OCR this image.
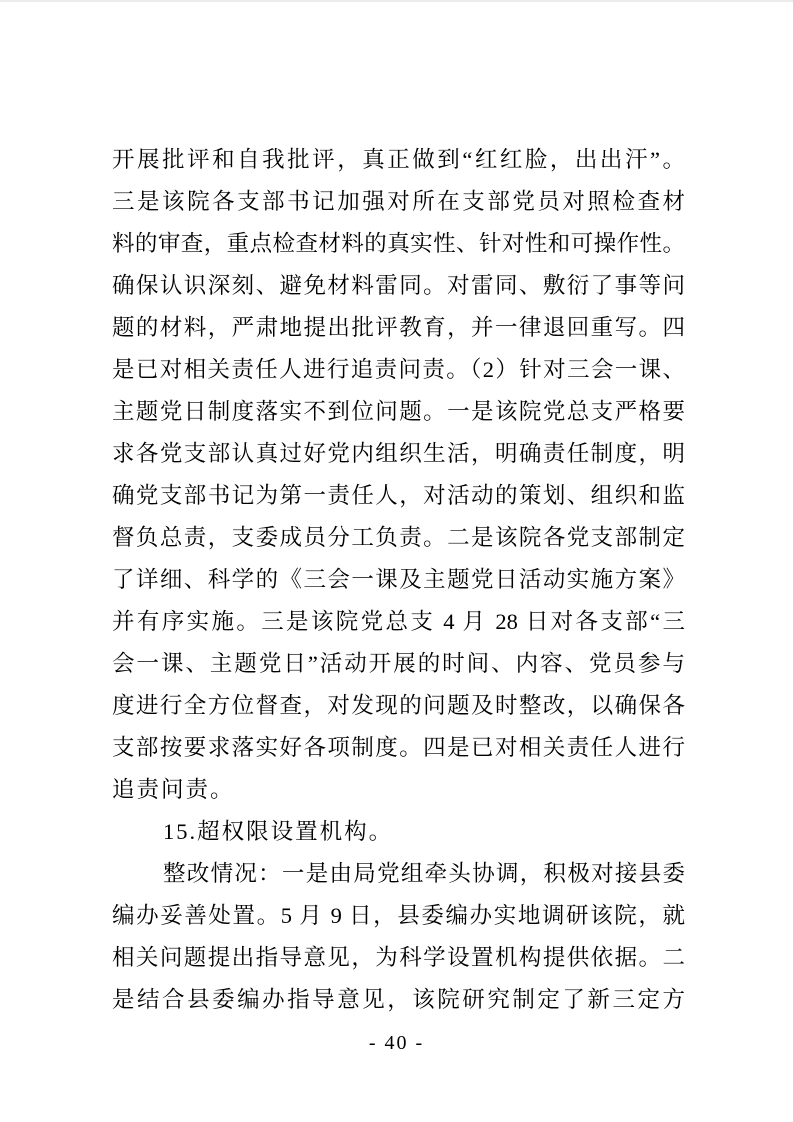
开展批评和自我批评，真正做到“红红脸，出出汗”。
三是该院各支部书记加强对所在支部党员对照检查材
料的审查，重点检查材料的真实性、针对性和可操作性。
确保认识深刻、避免材料雷同。对雷同、敷衍了事等问
题的材料，严肃地提出批评教育，并一律退回重写。四
是已对相关责任人进行追责问责。（2）针对三会一课、
主题党日制度落实不到位问题。一是该院党总支严格要
求各党支部认真过好党内组织生活，明确责任制度，明
确党支部书记为第一责任人，对活动的策划、组织和监
督负总责，支委成员分工负责。二是该院各党支部制定
了详细、科学的《三会一课及主题党日活动实施方案》
并有序实施。三是该院党总支 4 月 28 日对各支部“三
会一课、主题党日”活动开展的时间、内容、党员参与
度进行全方位督查，对发现的问题及时整改，以确保各
支部按要求落实好各项制度。四是已对相关责任人进行
追责问责。
15.超权限设置机构。
整改情况：一是由局党组牵头协调，积极对接县委
编办妥善处置。5 月 9 日，县委编办实地调研该院，就
相关问题提出指导意见，为科学设置机构提供依据。二
是结合县委编办指导意见，该院研究制定了新三定方
- 40 -
